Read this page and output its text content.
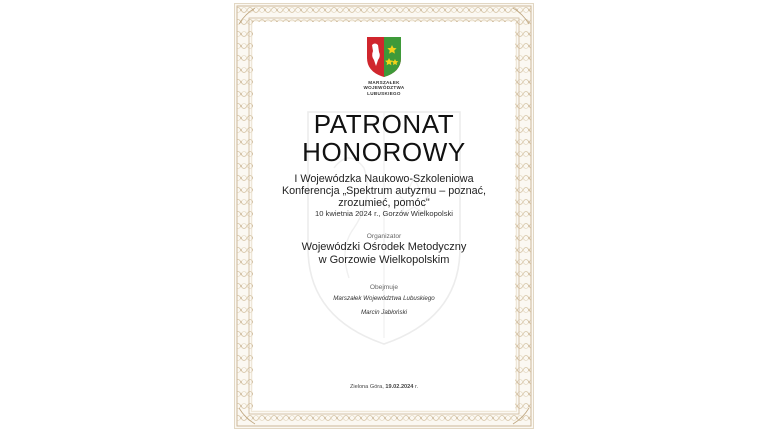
MARSZAŁEK
WOJEWÓDZTWA
LUBUSKIEGO
PATRONAT
HONOROWY
I Wojewódzka Naukowo-Szkoleniowa
Konferencja „Spektrum autyzmu – poznać,
zrozumieć, pomóc"
10 kwietnia 2024 r., Gorzów Wielkopolski
Organizator
Wojewódzki Ośrodek Metodyczny
w Gorzowie Wielkopolskim
Obejmuje
Marszałek Województwa Lubuskiego
Marcin Jabłoński
Zielona Góra, 19.02.2024 r.
